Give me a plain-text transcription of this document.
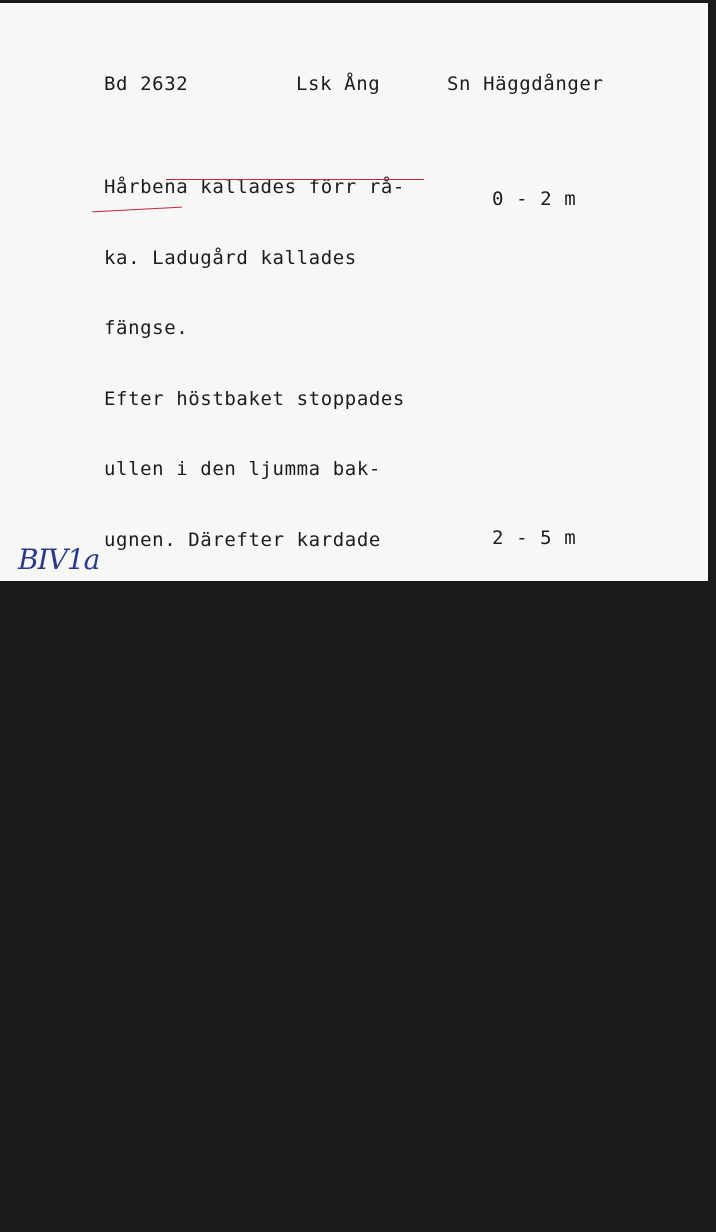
Bd 2632	Lsk Ång	Sn Häggdånger

Hårbena kallades förr rå-

ka. Ladugård kallades

fängse.

Efter höstbaket stoppades

ullen i den ljumma bak-

ugnen. Därefter kardade

man. Linet skulle redas

upp före jul. Efter 20:e

dagen stickade man. Sen

spann man lin till Vårfru-

dagen då det tvättades.

Därefter vävdes finväv,

hushållsväv och strögarns-

väv. Blåkläder och plock-

väv.

0 - 2 m
2 - 5 m
BIV1a
